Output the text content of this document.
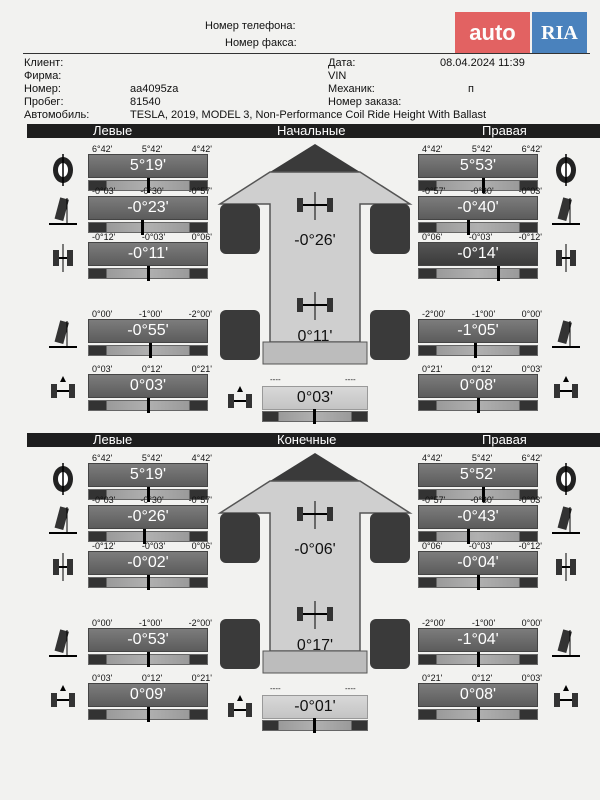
auto	RIA
Номер телефона:
Номер факса:
Клиент:
Фирма:
Номер:	aa4095za
Пробег:	81540
Автомобиль:	TESLA, 2019, MODEL 3, Non-Performance Coil Ride Height With Ballast
Дата:	08.04.2024 11:39
VIN
Механик:	п
Номер заказа:
Левые	Начальные	Правая
-0°26'
0°11'
----	----
0°03'
6°42'	5°42'	4°42'
5°19'
-0°03'	-0°30'	-0°57'
-0°23'
-0°12'	-0°03'	0°06'
-0°11'
0°00'	-1°00'	-2°00'
-0°55'
0°03'	0°12'	0°21'
0°03'
4°42'	5°42'	6°42'
5°53'
-0°57'	-0°30'	-0°03'
-0°40'
0°06'	-0°03'	-0°12'
-0°14'
-2°00'	-1°00'	0°00'
-1°05'
0°21'	0°12'	0°03'
0°08'
Левые	Конечные	Правая
-0°06'
0°17'
----	----
-0°01'
6°42'	5°42'	4°42'
5°19'
-0°03'	-0°30'	-0°57'
-0°26'
-0°12'	-0°03'	0°06'
-0°02'
0°00'	-1°00'	-2°00'
-0°53'
0°03'	0°12'	0°21'
0°09'
4°42'	5°42'	6°42'
5°52'
-0°57'	-0°30'	-0°03'
-0°43'
0°06'	-0°03'	-0°12'
-0°04'
-2°00'	-1°00'	0°00'
-1°04'
0°21'	0°12'	0°03'
0°08'
